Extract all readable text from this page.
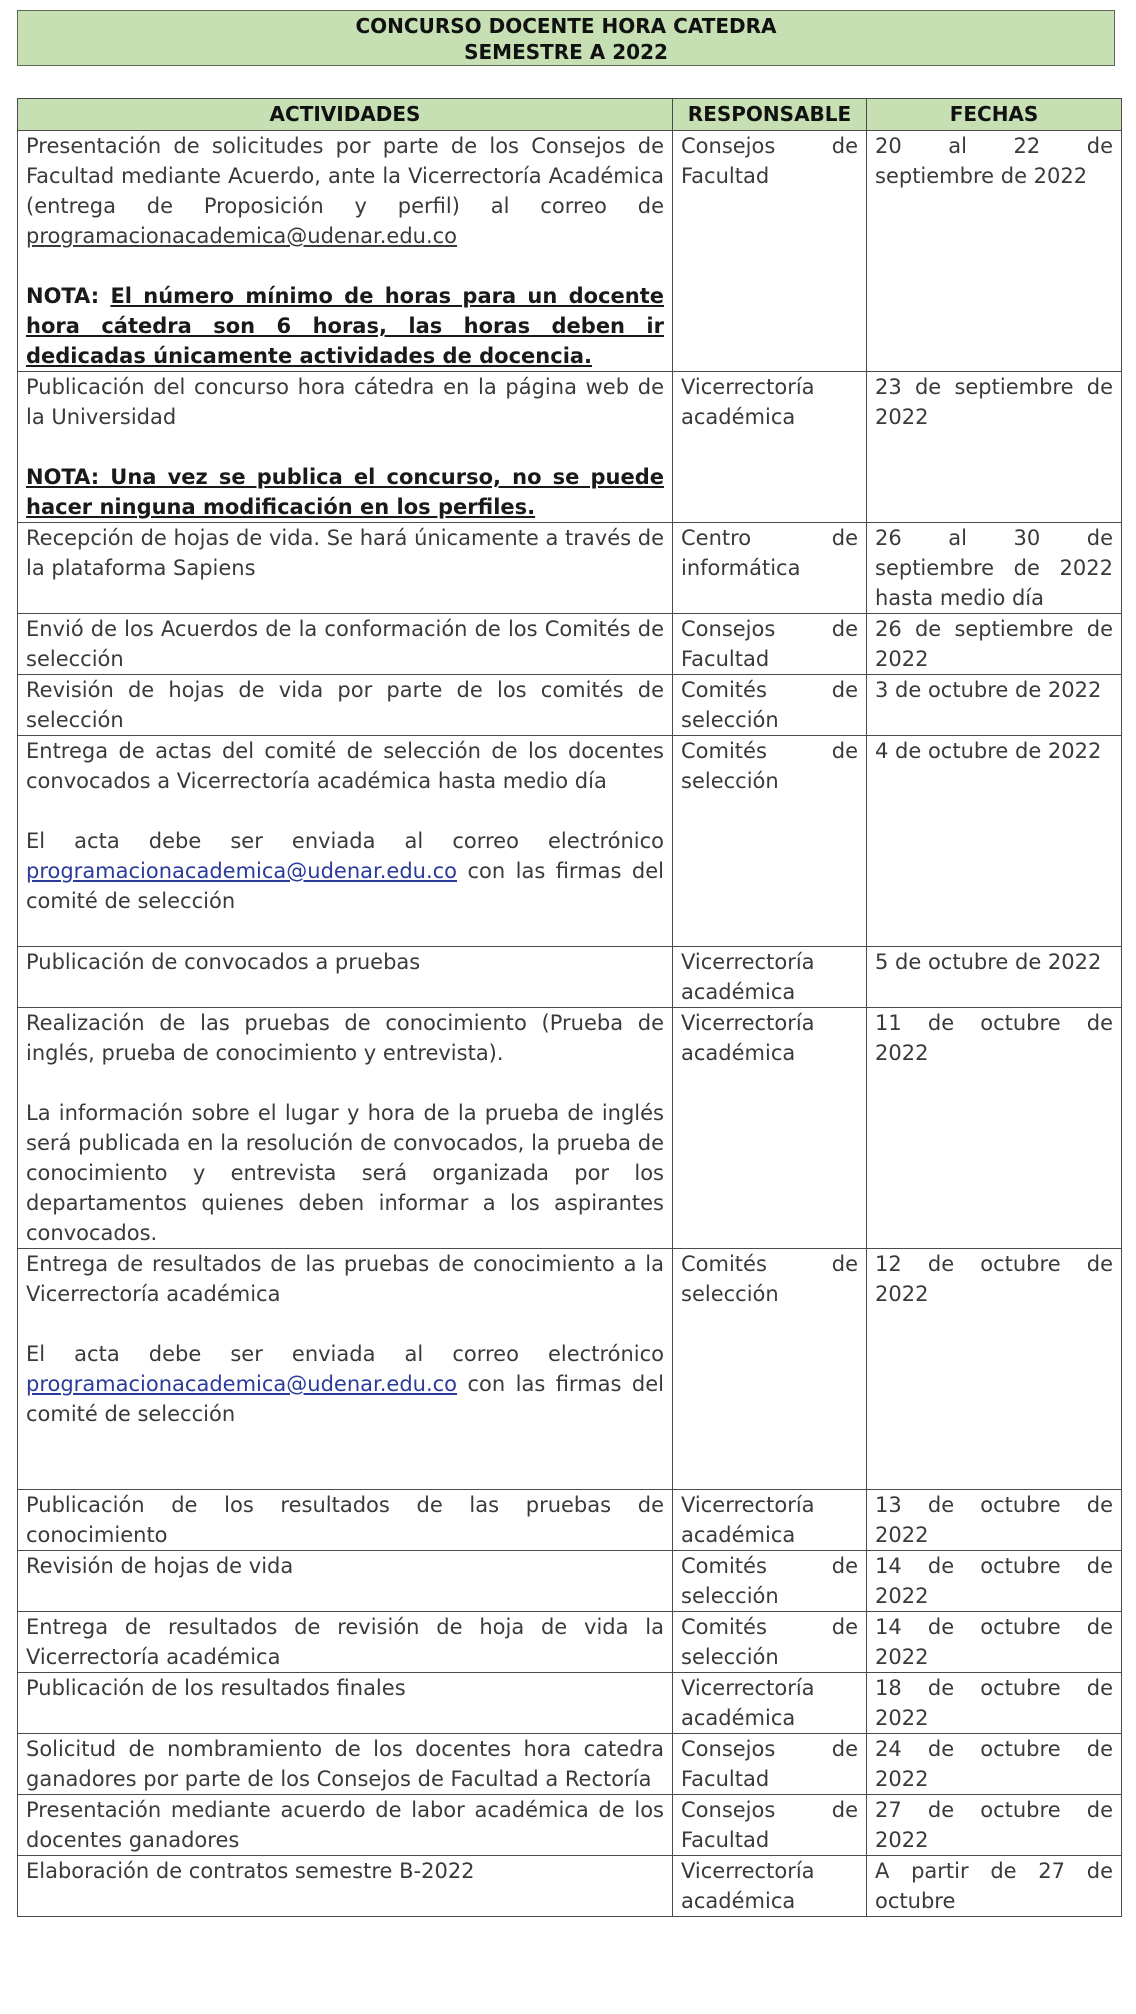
CONCURSO DOCENTE HORA CATEDRA
SEMESTRE A 2022
ACTIVIDADES	RESPONSABLE	FECHAS

Presentación de solicitudes por parte de los Consejos de Facultad mediante Acuerdo, ante la Vicerrectoría Académica (entrega de Proposición y perfil) al correo de programacionacademica@udenar.edu.co
NOTA: El número mínimo de horas para un docente hora cátedra son 6 horas, las horas deben ir dedicadas únicamente actividades de docencia.	Consejos de Facultad	20 al 22 de septiembre de 2022

Publicación del concurso hora cátedra en la página web de la Universidad
NOTA: Una vez se publica el concurso, no se puede hacer ninguna modificación en los perfiles.	Vicerrectoría académica	23 de septiembre de 2022
Recepción de hojas de vida. Se hará únicamente a través de la plataforma Sapiens	Centro de informática	26 al 30 de septiembre de 2022 hasta medio día
Envió de los Acuerdos de la conformación de los Comités de selección	Consejos de Facultad	26 de septiembre de 2022
Revisión de hojas de vida por parte de los comités de selección	Comités de selección	3 de octubre de 2022

Entrega de actas del comité de selección de los docentes convocados a Vicerrectoría académica hasta medio día
El acta debe ser enviada al correo electrónico programacionacademica@udenar.edu.co con las firmas del comité de selección	Comités de selección	4 de octubre de 2022
Publicación de convocados a pruebas	Vicerrectoría académica	5 de octubre de 2022

Realización de las pruebas de conocimiento (Prueba de inglés, prueba de conocimiento y entrevista).
La información sobre el lugar y hora de la prueba de inglés será publicada en la resolución de convocados, la prueba de conocimiento y entrevista será organizada por los departamentos quienes deben informar a los aspirantes convocados.	Vicerrectoría académica	11 de octubre de 2022

Entrega de resultados de las pruebas de conocimiento a la Vicerrectoría académica
El acta debe ser enviada al correo electrónico programacionacademica@udenar.edu.co con las firmas del comité de selección	Comités de selección	12 de octubre de 2022
Publicación de los resultados de las pruebas de conocimiento	Vicerrectoría académica	13 de octubre de 2022
Revisión de hojas de vida	Comités de selección	14 de octubre de 2022
Entrega de resultados de revisión de hoja de vida la Vicerrectoría académica	Comités de selección	14 de octubre de 2022
Publicación de los resultados finales	Vicerrectoría académica	18 de octubre de 2022
Solicitud de nombramiento de los docentes hora catedra ganadores por parte de los Consejos de Facultad a Rectoría	Consejos de Facultad	24 de octubre de 2022
Presentación mediante acuerdo de labor académica de los docentes ganadores	Consejos de Facultad	27 de octubre de 2022
Elaboración de contratos semestre B-2022	Vicerrectoría académica	A partir de 27 de octubre
